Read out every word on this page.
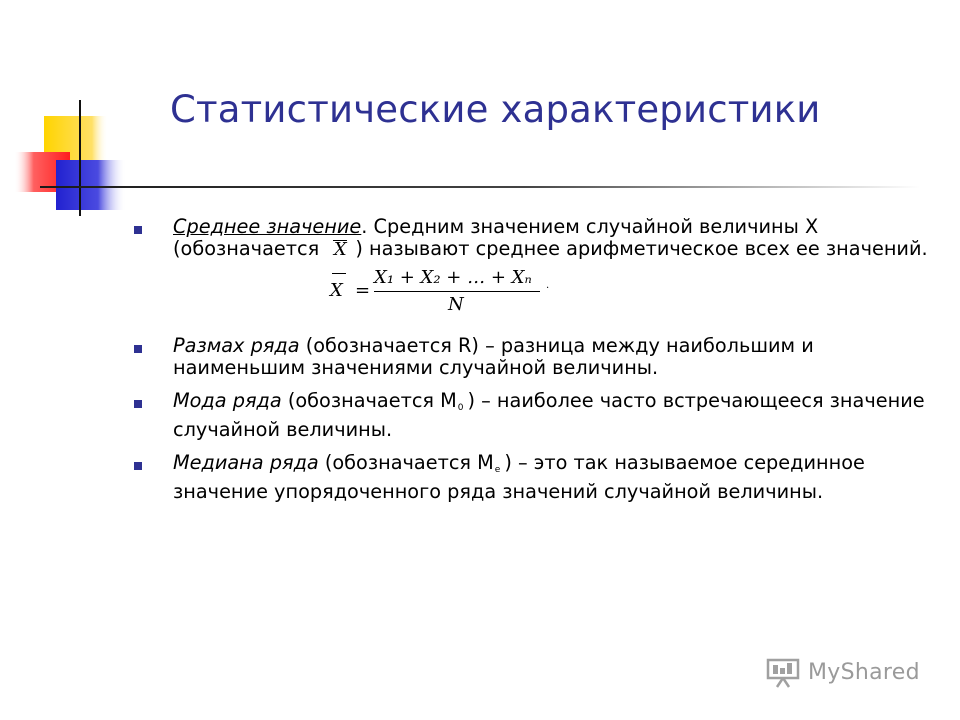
Статистические характеристики
Среднее значение. Средним значением случайной величины X (обозначается X ) называют среднее арифметическое всех ее значений.
X =
X₁ + X₂ + … + Xₙ
N
.
Размах ряда (обозначается R) – разница между наибольшим и наименьшим значениями случайной величины.
Мода ряда (обозначается $M_0$ ) – наиболее часто встречающееся значение случайной величины.
Медиана ряда (обозначается $M_e$ ) – это так называемое серединное значение упорядоченного ряда значений случайной величины.
MyShared
